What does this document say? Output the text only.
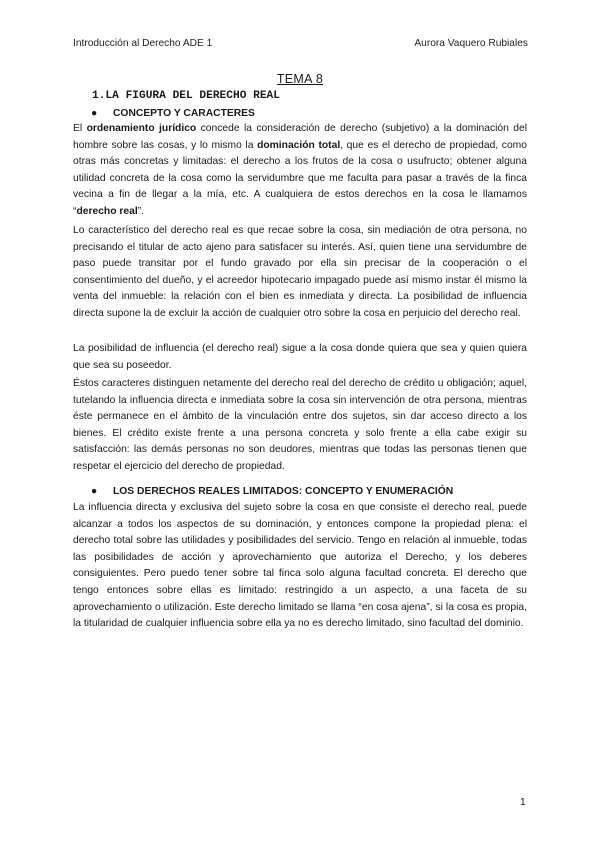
Introducción al Derecho ADE 1	Aurora Vaquero Rubiales
TEMA 8
1.LA FIGURA DEL DERECHO REAL
● CONCEPTO Y CARACTERES

El ordenamiento jurídico concede la consideración de derecho (subjetivo) a la dominación del hombre sobre las cosas, y lo mismo la dominación total, que es el derecho de propiedad, como otras más concretas y limitadas: el derecho a los frutos de la cosa o usufructo; obtener alguna utilidad concreta de la cosa como la servidumbre que me faculta para pasar a través de la finca vecina a fin de llegar a la mía, etc. A cualquiera de estos derechos en la cosa le llamamos “derecho real”.

Lo característico del derecho real es que recae sobre la cosa, sin mediación de otra persona, no precisando el titular de acto ajeno para satisfacer su interés. Así, quien tiene una servidumbre de paso puede transitar por el fundo gravado por ella sin precisar de la cooperación o el consentimiento del dueño, y el acreedor hipotecario impagado puede así mismo instar él mismo la venta del inmueble: la relación con el bien es inmediata y directa. La posibilidad de influencia directa supone la de excluir la acción de cualquier otro sobre la cosa en perjuicio del derecho real.

La posibilidad de influencia (el derecho real) sigue a la cosa donde quiera que sea y quien quiera que sea su poseedor.

Éstos caracteres distinguen netamente del derecho real del derecho de crédito u obligación; aquel, tutelando la influencia directa e inmediata sobre la cosa sin intervención de otra persona, mientras éste permanece en el ámbito de la vinculación entre dos sujetos, sin dar acceso directo a los bienes. El crédito existe frente a una persona concreta y solo frente a ella cabe exigir su satisfacción: las demás personas no son deudores, mientras que todas las personas tienen que respetar el ejercicio del derecho de propiedad.

● LOS DERECHOS REALES LIMITADOS: CONCEPTO Y ENUMERACIÓN

La influencia directa y exclusiva del sujeto sobre la cosa en que consiste el derecho real, puede alcanzar a todos los aspectos de su dominación, y entonces compone la propiedad plena: el derecho total sobre las utilidades y posibilidades del servicio. Tengo en relación al inmueble, todas las posibilidades de acción y aprovechamiento que autoriza el Derecho, y los deberes consiguientes. Pero puedo tener sobre tal finca solo alguna facultad concreta. El derecho que tengo entonces sobre ellas es limitado: restringido a un aspecto, a una faceta de su aprovechamiento o utilización. Este derecho limitado se llama “en cosa ajena”, si la cosa es propia, la titularidad de cualquier influencia sobre ella ya no es derecho limitado, sino facultad del dominio.

1
